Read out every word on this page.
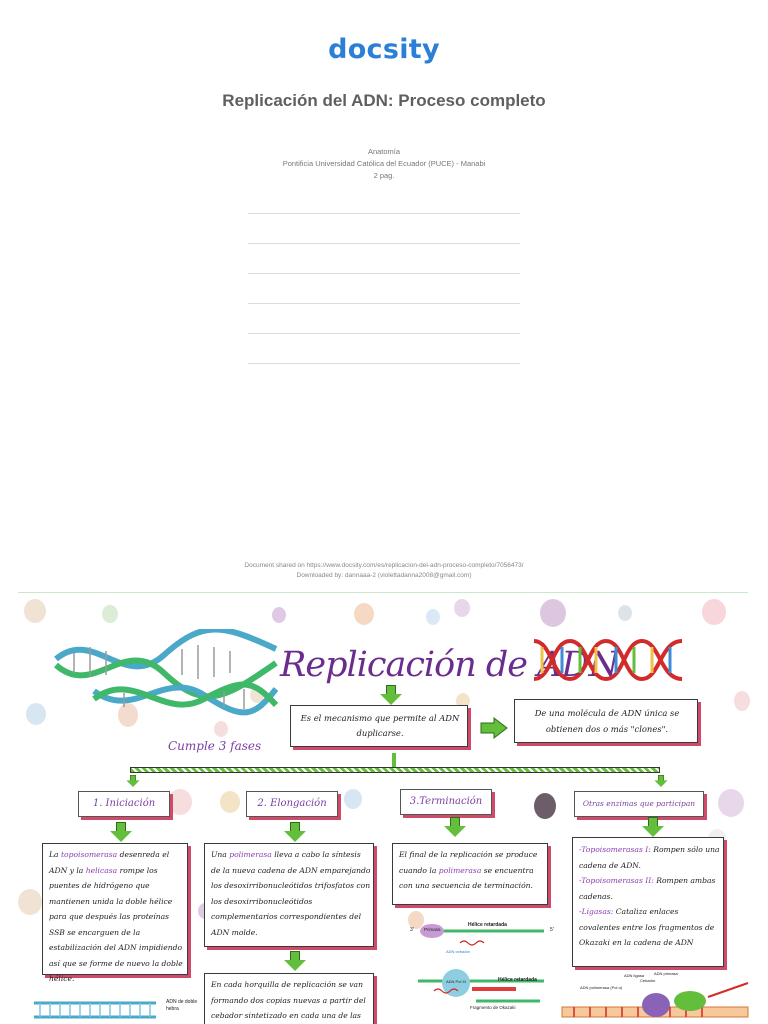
docsity
Replicación del ADN: Proceso completo
Anatomía
Pontificia Universidad Católica del Ecuador (PUCE) - Manabi
2 pag.
Document shared on https://www.docsity.com/es/replicacion-del-adn-proceso-completo/7056473/
Downloaded by: dannaaa-2 (violettadanna2008@gmail.com)
Replicación de ADN
Es el mecanismo que permite al ADN duplicarse.
De una molécula de ADN única se obtienen dos o más "clones".
Cumple 3 fases
1. Iniciación	2. Elongación	3.Terminación	Otras enzimas que participan
La topoisomerasa desenreda el ADN y la helicasa rompe los puentes de hidrógeno que mantienen unida la doble hélice para que después las proteínas SSB se encarguen de la estabilización del ADN impidiendo así que se forme de nuevo la doble hélice.
Una polimerasa lleva a cabo la síntesis de la nueva cadena de ADN emparejando los desoxirribonucleótidos trifosfatos con los desoxirribonucleótidos complementarios correspondientes del ADN molde.
En cada horquilla de replicación se van formando dos copias nuevas a partir del cebador sintetizado en cada una de las
El final de la replicación se produce cuando la polimerasa se encuentra con una secuencia de terminación.
-Topoisomerasas I: Rompen sólo una cadena de ADN.
-Topoisomerasas II: Rompen ambas cadenas.
-Ligasas: Cataliza enlaces covalentes entre los fragmentos de Okazaki en la cadena de ADN
Hélice retardada
Primasa
3'	5'
ADN cebador
Hélice retardada
ADN Pol III
Fragmento de Okazaki
ADN de doble hebra
ADN primasa
Cebador
ADN polimerasa (Pol α)
ADN ligasa
